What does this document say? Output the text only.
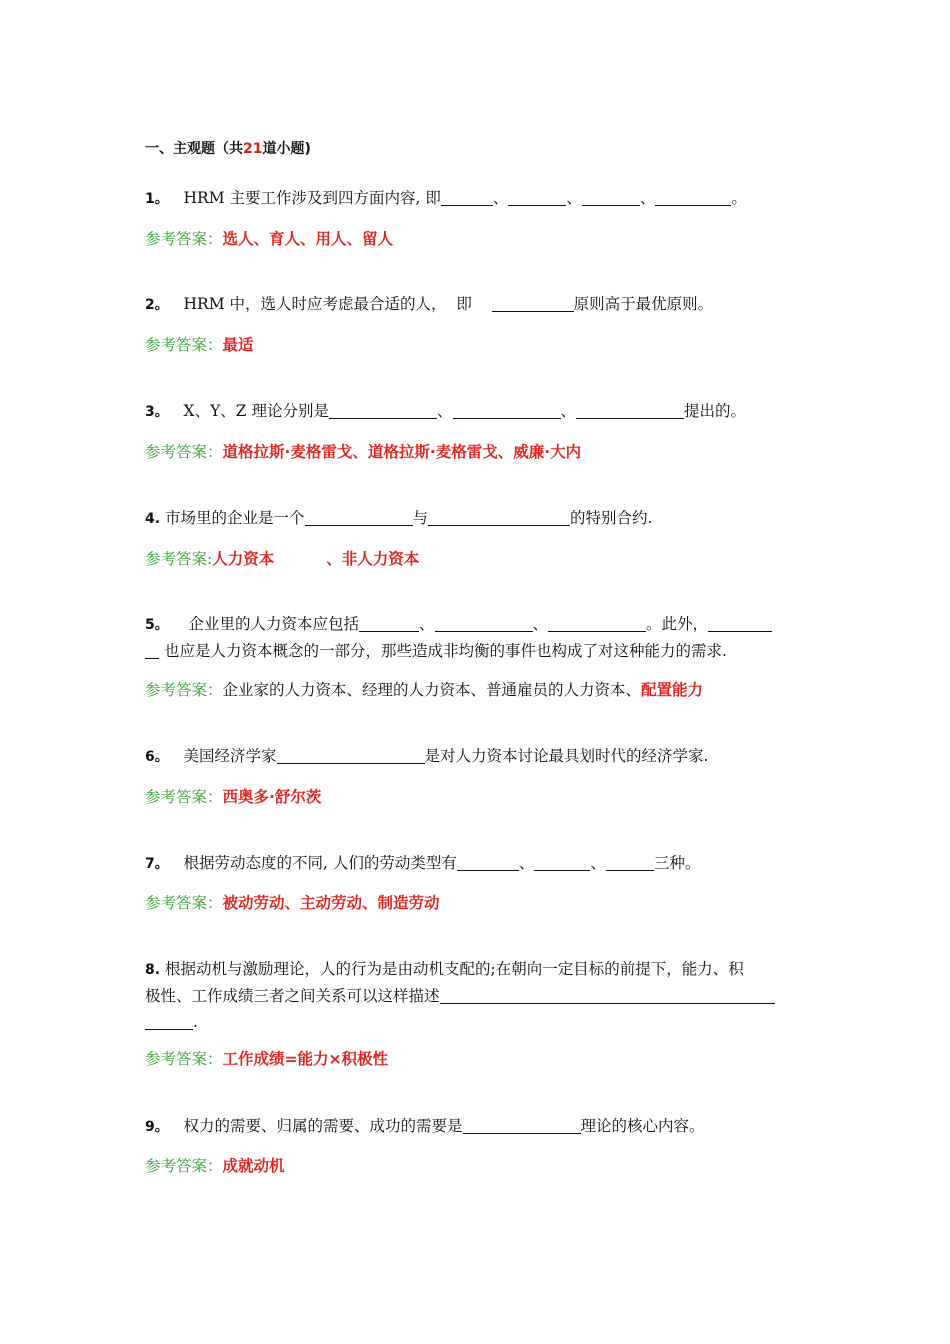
一、主观题（共21道小题)
1。 HRM 主要工作涉及到四方面内容, 即	、	、	、	。
参考答案：选人、育人、用人、留人
2。 HRM 中，选人时应考虑最合适的人，  即	原则高于最优原则。
参考答案：最适
3。 X、Y、Z 理论分别是	、	、	提出的。
参考答案：道格拉斯·麦格雷戈、道格拉斯·麦格雷戈、威廉·大内
4. 市场里的企业是一个	与	的特别合约.
参考答案:人力资本	、非人力资本
5。 企业里的人力资本应包括	、	、	。此外，
也应是人力资本概念的一部分，那些造成非均衡的事件也构成了对这种能力的需求.
参考答案：企业家的人力资本、经理的人力资本、普通雇员的人力资本、配置能力
6。 美国经济学家	是对人力资本讨论最具划时代的经济学家.
参考答案：西奥多·舒尔茨
7。 根据劳动态度的不同, 人们的劳动类型有	、	、	三种。
参考答案：被动劳动、主动劳动、制造劳动
8. 根据动机与激励理论，人的行为是由动机支配的;在朝向一定目标的前提下，能力、积
极性、工作成绩三者之间关系可以这样描述
.
参考答案：工作成绩=能力×积极性
9。 权力的需要、归属的需要、成功的需要是	理论的核心内容。
参考答案：成就动机
